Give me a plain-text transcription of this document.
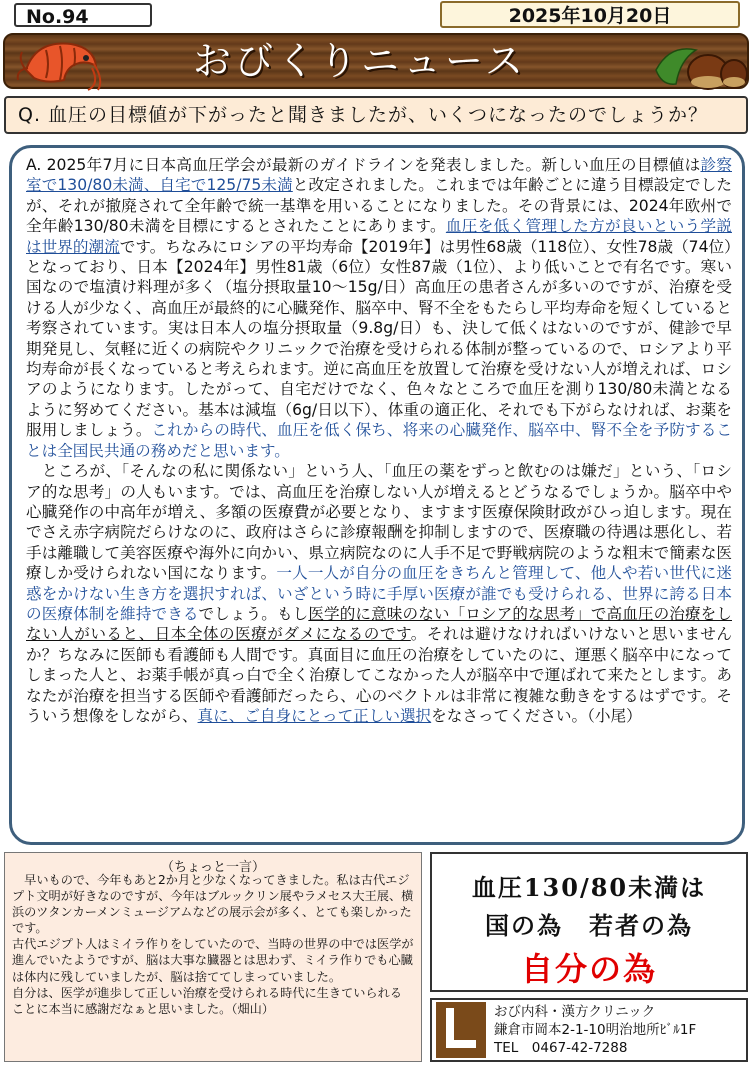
No.94	2025年10月20日
おびくりニュース
Q. 血圧の目標値が下がったと聞きましたが、いくつになったのでしょうか？

A. 2025年7月に日本高血圧学会が最新のガイドラインを発表しました。新しい血圧の目標値は診察室で130/80未満、自宅で125/75未満と改定されました。これまでは年齢ごとに違う目標設定でしたが、それが撤廃されて全年齢で統一基準を用いることになりました。その背景には、2024年欧州で全年齢130/80未満を目標にするとされたことにあります。血圧を低く管理した方が良いという学説は世界的潮流です。ちなみにロシアの平均寿命【2019年】は男性68歳（118位）、女性78歳（74位）となっており、日本【2024年】男性81歳（6位）女性87歳（1位）、より低いことで有名です。寒い国なので塩漬け料理が多く（塩分摂取量10～15g/日）高血圧の患者さんが多いのですが、治療を受ける人が少なく、高血圧が最終的に心臓発作、脳卒中、腎不全をもたらし平均寿命を短くしていると考察されています。実は日本人の塩分摂取量（9.8g/日）も、決して低くはないのですが、健診で早期発見し、気軽に近くの病院やクリニックで治療を受けられる体制が整っているので、ロシアより平均寿命が長くなっていると考えられます。逆に高血圧を放置して治療を受けない人が増えれば、ロシアのようになります。したがって、自宅だけでなく、色々なところで血圧を測り130/80未満となるように努めてください。基本は減塩（6g/日以下）、体重の適正化、それでも下がらなければ、お薬を服用しましょう。これからの時代、血圧を低く保ち、将来の心臓発作、脳卒中、腎不全を予防することは全国民共通の務めだと思います。

　ところが、「そんなの私に関係ない」という人、「血圧の薬をずっと飲むのは嫌だ」という、「ロシア的な思考」の人もいます。では、高血圧を治療しない人が増えるとどうなるでしょうか。脳卒中や心臓発作の中高年が増え、多額の医療費が必要となり、ますます医療保険財政がひっ迫します。現在でさえ赤字病院だらけなのに、政府はさらに診療報酬を抑制しますので、医療職の待遇は悪化し、若手は離職して美容医療や海外に向かい、県立病院なのに人手不足で野戦病院のような粗末で簡素な医療しか受けられない国になります。一人一人が自分の血圧をきちんと管理して、他人や若い世代に迷惑をかけない生き方を選択すれば、いざという時に手厚い医療が誰でも受けられる、世界に誇る日本の医療体制を維持できるでしょう。もし医学的に意味のない「ロシア的な思考」で高血圧の治療をしない人がいると、日本全体の医療がダメになるのです。それは避けなければいけないと思いませんか？ちなみに医師も看護師も人間です。真面目に血圧の治療をしていたのに、運悪く脳卒中になってしまった人と、お薬手帳が真っ白で全く治療してこなかった人が脳卒中で運ばれて来たとします。あなたが治療を担当する医師や看護師だったら、心のベクトルは非常に複雑な動きをするはずです。そういう想像をしながら、真に、ご自身にとって正しい選択をなさってください。（小尾）

（ちょっと一言）

　早いもので、今年もあと2か月と少なくなってきました。私は古代エジプト文明が好きなのですが、今年はブルックリン展やラメセス大王展、横浜のツタンカーメンミュージアムなどの展示会が多く、とても楽しかったです。

古代エジプト人はミイラ作りをしていたので、当時の世界の中では医学が進んでいたようですが、脳は大事な臓器とは思わず、ミイラ作りでも心臓は体内に残していましたが、脳は捨ててしまっていました。

自分は、医学が進歩して正しい治療を受けられる時代に生きていられることに本当に感謝だなぁと思いました。（畑山）

血圧130/80未満は
国の為　若者の為
自分の為
おび内科・漢方クリニック
鎌倉市岡本2-1-10明治地所ﾋﾞﾙ1F
TEL　0467-42-7288
